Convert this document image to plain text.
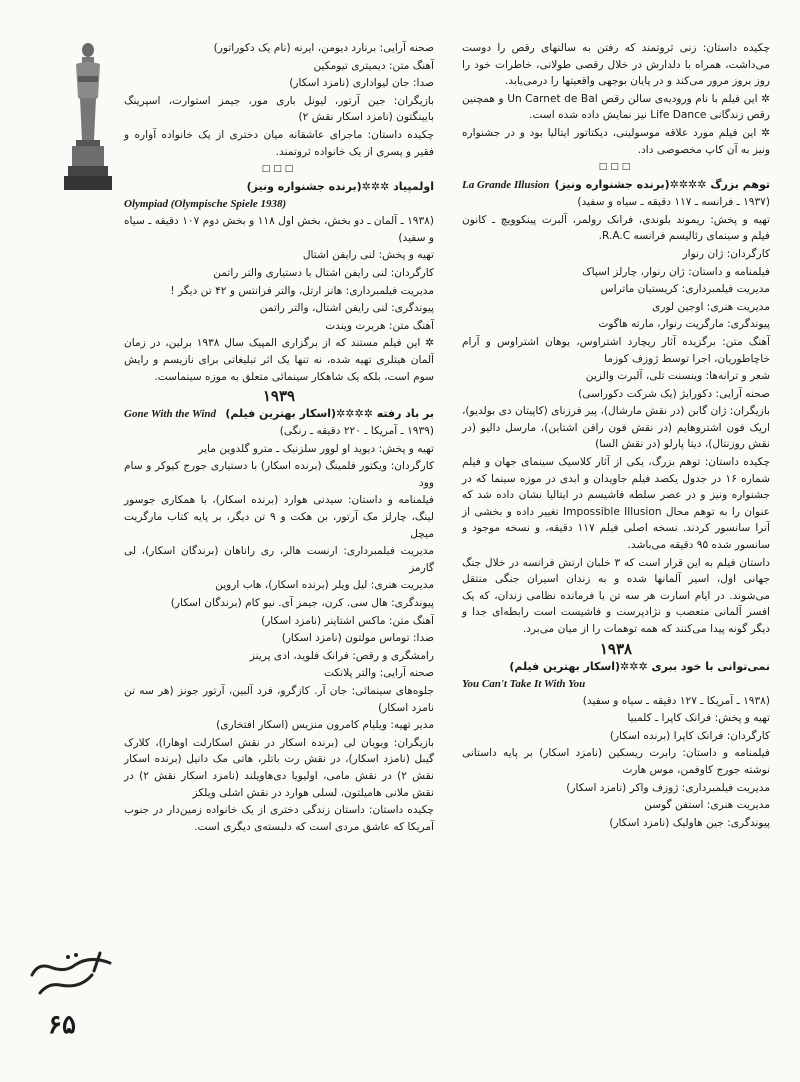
چکیده داستان: زنی ثروتمند که رفتن به سالنهای رقص را دوست می‌داشت، همراه با دلدارش در خلال رقصی طولانی، خاطرات خود را روز بروز مرور می‌کند و در پایان بوجهی واقعیتها را درمی‌یابد.

✲ این فیلم با نام ورودیه‌ی سالن رقص Un Carnet de Bal و همچنین رقص زندگانی Life Dance نیز نمایش داده شده است.

✲ این فیلم مورد علاقه موسولینی، دیکتاتور ایتالیا بود و در جشنواره ونیز به آن کاپ مخصوصی داد.

□□□
توهم بزرگ ✲✲✲✲(برنده جشنواره ونیز)
La Grande Illusion

(۱۹۳۷ ـ فرانسه ـ ۱۱۷ دقیقه ـ سیاه و سفید)

تهیه و پخش: ریموند بلوندی، فرانک رولمر، آلبرت پینکوویچ ـ کانون فیلم و سینمای رئالیسم فرانسه R.A.C.

کارگردان: ژان رنوار

فیلمنامه و داستان: ژان رنوار، چارلز اسپاک

مدیریت فیلمبرداری: کریستیان ماتراس

مدیریت هنری: اوجین لوری

پیوندگری: مارگریت رنوار، مارته هاگوت

آهنگ متن: برگزیده آثار ریچارد اشتراوس، یوهان اشتراوس و آرام خاچاطوریان، اجرا توسط ژوزف کوزما

شعر و ترانه‌ها: وینسنت تلی، آلبرت والزین

صحنه آرایی: دکورایژ (یک شرکت دکوراسی)

بازیگران: ژان گابن (در نقش مارشال)، پیر فرزنای (کاپیتان دی بولدیو)، اریک فون اشتروهایم (در نقش فون رافن اشتاین)، مارسل دالیو (در نقش روزنتال)، دیتا پارلو (در نقش السا)

چکیده داستان: توهم بزرگ، یکی از آثار کلاسیک سینمای جهان و فیلم شماره ۱۶ در جدول یکصد فیلم جاویدان و ابدی در موزه سینما که در جشنواره ونیز و در عصر سلطه فاشیسم در ایتالیا نشان داده شد که عنوان را به توهم محال Impossible Illusion تغییر داده و بخشی از آنرا سانسور کردند. نسخه اصلی فیلم ۱۱۷ دقیقه، و نسخه موجود و سانسور شده ۹۵ دقیقه می‌باشد.

داستان فیلم به این قرار است که ۳ خلبان ارتش فرانسه در خلال جنگ جهانی اول، اسیر آلمانها شده و به زندان اسیران جنگی منتقل می‌شوند. در ایام اسارت هر سه تن با فرمانده نظامی زندان، که یک افسر آلمانی متعصب و نژادپرست و فاشیست است رابطه‌ای جدا و دیگر گونه پیدا می‌کنند که همه توهمات را از میان می‌برد.

۱۹۳۸
نمی‌توانی با خود ببری ✲✲✲(اسکار بهترین فیلم)
You Can't Take It With You

(۱۹۳۸ ـ آمریکا ـ ۱۲۷ دقیقه ـ سیاه و سفید)

تهیه و پخش: فرانک کاپرا ـ کلمبیا

کارگردان: فرانک کاپرا (برنده اسکار)

فیلمنامه و داستان: رابرت ریسکین (نامزد اسکار) بر پایه داستانی نوشته جورج کاوفمن، موس هارت

مدیریت فیلمبرداری: ژوزف واکر (نامزد اسکار)

مدیریت هنری: استفن گوسن

پیوندگری: جین هاولیک (نامزد اسکار)

صحنه آرایی: برنارد دیومن، ایرنه (نام یک دکوراتور)

آهنگ متن: دیمیتری تیومکین

صدا: جان لیواداری (نامزد اسکار)

بازیگران: جین آرتور، لیونل باری مور، جیمز استوارت، اسپرینگ بایینگتون (نامزد اسکار نقش ۲)

چکیده داستان: ماجرای عاشقانه میان دختری از یک خانواده آواره و فقیر و پسری از یک خانواده ثروتمند.

□□□
اولمپیاد ✲✲✲(برنده جشنواره ونیز)
Olympiad (Olympische Spiele 1938)

(۱۹۳۸ ـ آلمان ـ دو بخش، بخش اول ۱۱۸ و بخش دوم ۱۰۷ دقیقه ـ سیاه و سفید)

تهیه و پخش: لنی رایفن اشتال

کارگردان: لنی رایفن اشتال با دستیاری والتر راتمن

مدیریت فیلمبرداری: هانز ارتل، والتر فرانتس و ۴۲ تن دیگر !

پیوندگری: لنی رایفن اشتال، والتر راتمن

آهنگ متن: هربرت ویندت

✲ این فیلم مستند که از برگزاری المپیک سال ۱۹۳۸ برلین، در زمان آلمان هیتلری تهیه شده، نه تنها یک اثر تبلیغاتی برای نازیسم و رایش سوم است، بلکه یک شاهکار سینمائی متعلق به موزه سینماست.

۱۹۳۹
بر باد رفته ✲✲✲✲(اسکار بهترین فیلم)
Gone With the Wind

(۱۹۳۹ ـ آمریکا ـ ۲۲۰ دقیقه ـ رنگی)

تهیه و پخش: دیوید او لوور سلزنیک ـ مترو گلدوین مایر

کارگردان: ویکتور فلمینگ (برنده اسکار) با دستیاری جورج کیوکر و سام وود

فیلمنامه و داستان: سیدنی هوارد (برنده اسکار)، با همکاری جوسور لینگ، چارلز مک آرتور، بن هکت و ۹ تن دیگر، بر پایه کتاب مارگریت میچل

مدیریت فیلمبرداری: ارنست هالر، ری راناهان (برندگان اسکار)، لی گارمز

مدیریت هنری: لیل ویلر (برنده اسکار)، هاب اروین

پیوندگری: هال سی. کرن، جیمز آی. نیو کام (برندگان اسکار)

آهنگ متن: ماکس اشتاینر (نامزد اسکار)

صدا: توماس مولتون (نامزد اسکار)

رامشگری و رقص: فرانک فلوید، ادی پرینز

صحنه آرایی: والتر پلانکت

جلوه‌های سینمائی: جان آر. کازگرو، فرد آلبین، آرتور جونز (هر سه تن نامزد اسکار)

مدیر تهیه: ویلیام کامرون منزیس (اسکار افتخاری)

بازیگران: ویویان لی (برنده اسکار در نقش اسکارلت اوهارا)، کلارک گیبل (نامزد اسکار)، در نقش رت باتلر، هاتی مک دانیل (برنده اسکار نقش ۲) در نقش مامی، اولیویا دی‌هاویلند (نامزد اسکار نقش ۲) در نقش ملانی هامیلتون، لسلی هوارد در نقش اشلی ویلکز

چکیده داستان: داستان زندگی دختری از یک خانواده زمین‌دار در جنوب آمریکا که عاشق مردی است که دلبسته‌ی دیگری است.

۶۵
